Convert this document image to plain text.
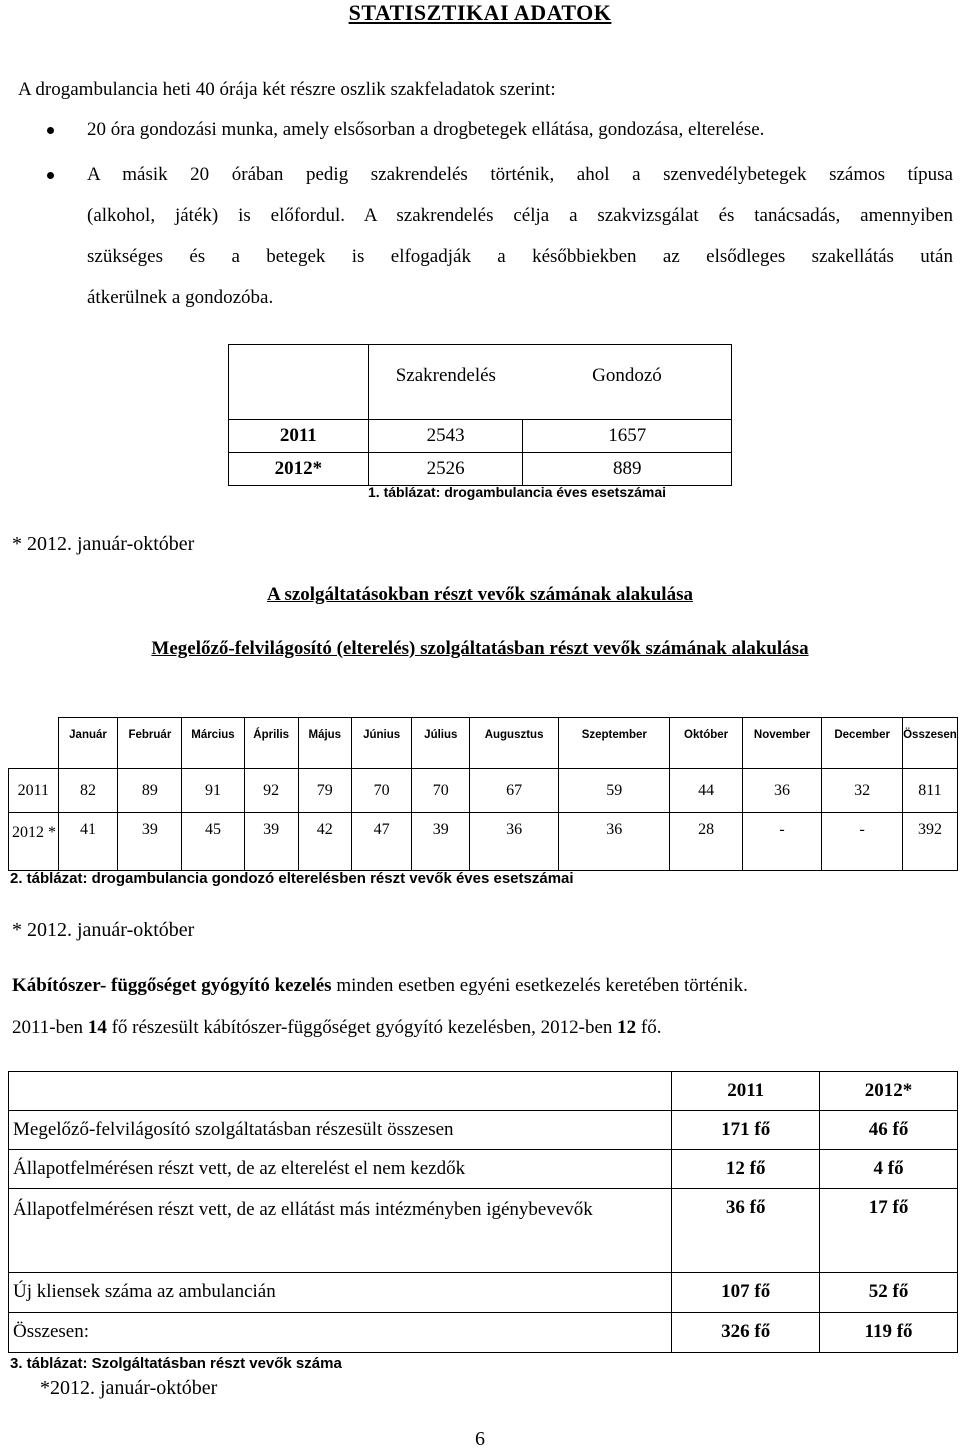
STATISZTIKAI ADATOK
A drogambulancia heti 40 órája két részre oszlik szakfeladatok szerint:
20 óra gondozási munka, amely elsősorban a drogbetegek ellátása, gondozása, elterelése.
A másik 20 órában pedig szakrendelés történik, ahol a szenvedélybetegek számos típusa
(alkohol, játék) is előfordul. A szakrendelés célja a szakvizsgálat és tanácsadás, amennyiben
szükséges és a betegek is elfogadják a későbbiekben az elsődleges szakellátás után
átkerülnek a gondozóba.
	Szakrendelés	Gondozó

2011	2543	1657
2012*	2526	889
1. táblázat: drogambulancia éves esetszámai
* 2012. január-október
A szolgáltatásokban részt vevők számának alakulása
Megelőző-felvilágosító (elterelés) szolgáltatásban részt vevők számának alakulása
	Január	Február	Március	Április	Május	Június	Július	Augusztus	Szeptember	Október	November	December	Összesen
2011	82	89	91	92	79	70	70	67	59	44	36	32	811
2012 *	41	39	45	39	42	47	39	36	36	28	-	-	392
2. táblázat: drogambulancia gondozó elterelésben részt vevők éves esetszámai
* 2012. január-október
Kábítószer- függőséget gyógyító kezelés minden esetben egyéni esetkezelés keretében történik.
2011-ben 14 fő részesült kábítószer-függőséget gyógyító kezelésben, 2012-ben 12 fő.
	2011	2012*
Megelőző-felvilágosító szolgáltatásban részesült összesen	171 fő	46 fő
Állapotfelmérésen részt vett, de az elterelést el nem kezdők	12 fő	4 fő
Állapotfelmérésen részt vett, de az ellátást más intézményben igénybevevők	36 fő	17 fő
Új kliensek száma az ambulancián	107 fő	52 fő
Összesen:	326 fő	119 fő
3. táblázat: Szolgáltatásban részt vevők száma
*2012. január-október
6
